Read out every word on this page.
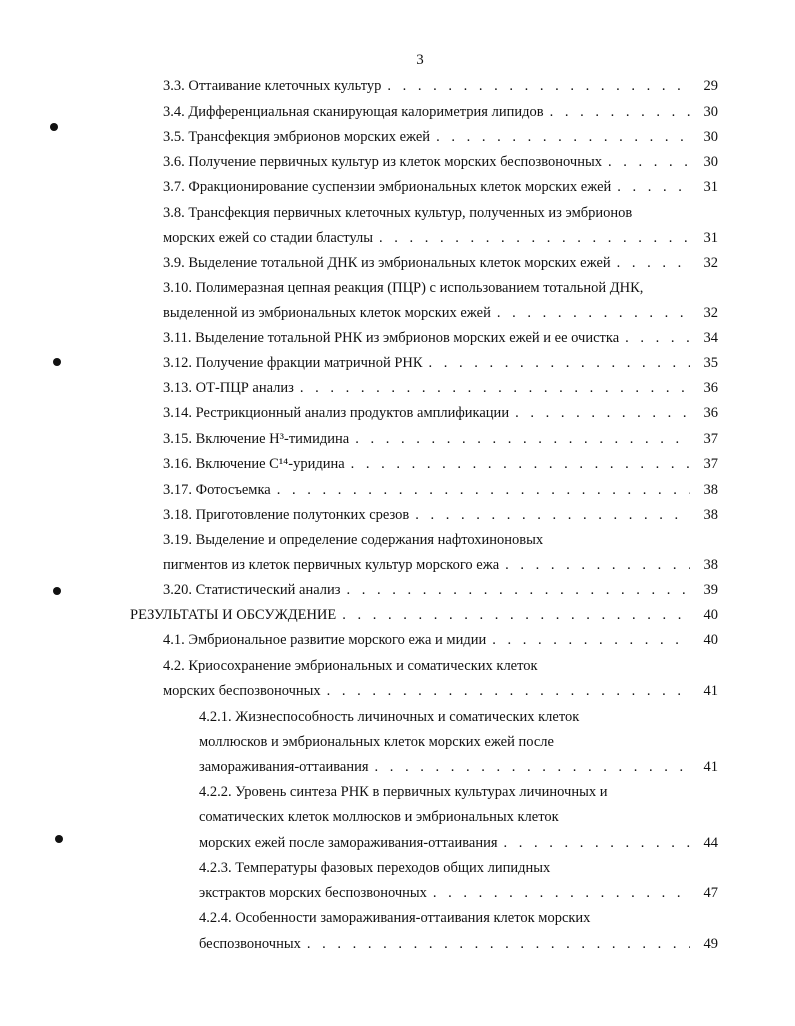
3
3.3. Оттаивание клеточных культур . . .	29
3.4. Дифференциальная сканирующая калориметрия липидов . . .	30
3.5. Трансфекция эмбрионов морских ежей . . .	30
3.6. Получение первичных культур из клеток морских беспозвоночных . . .	30
3.7. Фракционирование суспензии эмбриональных клеток морских ежей . . .	31
3.8. Трансфекция первичных клеточных культур, полученных из эмбрионов
морских ежей со стадии бластулы . . .	31
3.9. Выделение тотальной ДНК из эмбриональных клеток морских ежей . . .	32
3.10. Полимеразная цепная реакция (ПЦР) с использованием тотальной ДНК,
выделенной из эмбриональных клеток морских ежей . . .	32
3.11. Выделение тотальной РНК из эмбрионов морских ежей и ее очистка . . .	34
3.12. Получение фракции матричной РНК . . .	35
3.13. ОТ-ПЦР анализ . . .	36
3.14. Рестрикционный анализ продуктов амплификации . . .	36
3.15. Включение Н³-тимидина . . .	37
3.16. Включение С¹⁴-уридина . . .	37
3.17. Фотосъемка . . .	38
3.18. Приготовление полутонких срезов . . .	38
3.19. Выделение и определение содержания нафтохиноновых
пигментов из клеток первичных культур морского ежа . . .	38
3.20. Статистический анализ . . .	39
РЕЗУЛЬТАТЫ И ОБСУЖДЕНИЕ . . .	40
4.1. Эмбриональное развитие морского ежа и мидии . . .	40
4.2. Криосохранение эмбриональных и соматических клеток
морских беспозвоночных . . .	41
4.2.1. Жизнеспособность личиночных и соматических клеток
моллюсков и эмбриональных клеток морских ежей после
замораживания-оттаивания . . .	41
4.2.2. Уровень синтеза РНК в первичных культурах личиночных и
соматических клеток моллюсков и эмбриональных клеток
морских ежей после замораживания-оттаивания . . .	44
4.2.3. Температуры фазовых переходов общих липидных
экстрактов морских беспозвоночных . . .	47
4.2.4. Особенности замораживания-оттаивания клеток морских
беспозвоночных . . .	49
